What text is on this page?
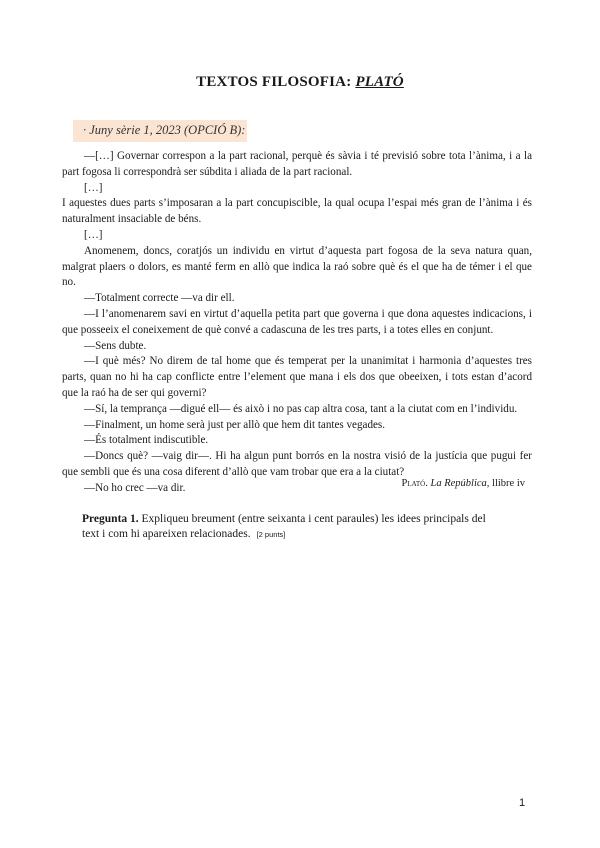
TEXTOS FILOSOFIA: PLATÓ
· Juny sèrie 1, 2023 (OPCIÓ B):

—[…] Governar correspon a la part racional, perquè és sàvia i té previsió sobre tota l’ànima, i a la part fogosa li correspondrà ser súbdita i aliada de la part racional.

[…]

I aquestes dues parts s’imposaran a la part concupiscible, la qual ocupa l’espai més gran de l’ànima i és naturalment insaciable de béns.

[…]

Anomenem, doncs, coratjós un individu en virtut d’aquesta part fogosa de la seva natura quan, malgrat plaers o dolors, es manté ferm en allò que indica la raó sobre què és el que ha de témer i el que no.

—Totalment correcte —va dir ell.

—I l’anomenarem savi en virtut d’aquella petita part que governa i que dona aquestes indicacions, i que posseeix el coneixement de què convé a cadascuna de les tres parts, i a totes elles en conjunt.

—Sens dubte.

—I què més? No direm de tal home que és temperat per la unanimitat i harmonia d’aquestes tres parts, quan no hi ha cap conflicte entre l’element que mana i els dos que obeeixen, i tots estan d’acord que la raó ha de ser qui governi?

—Sí, la temprança —digué ell— és això i no pas cap altra cosa, tant a la ciutat com en l’individu.

—Finalment, un home serà just per allò que hem dit tantes vegades.

—És totalment indiscutible.

—Doncs què? —vaig dir—. Hi ha algun punt borrós en la nostra visió de la justícia que pugui fer que sembli que és una cosa diferent d’allò que vam trobar que era a la ciutat?

—No ho crec —va dir.	Plató. La República, llibre iv
Pregunta 1. Expliqueu breument (entre seixanta i cent paraules) les idees principals del text i com hi apareixen relacionades. [2 punts]
1
